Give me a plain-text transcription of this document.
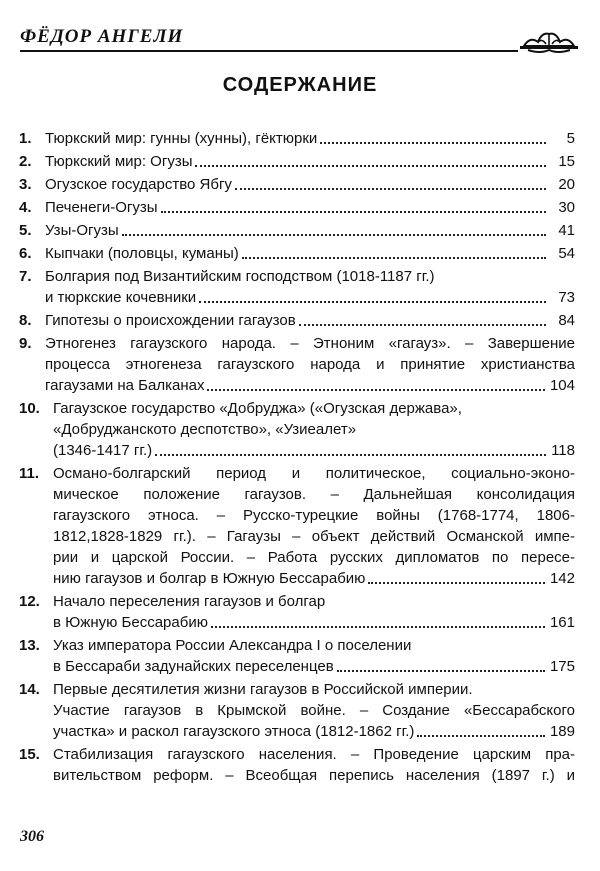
ФЁДОР АНГЕЛИ
СОДЕРЖАНИЕ
1. Тюркский мир: гунны (хунны), гёктюрки	5
2. Тюркский мир: Огузы	15
3. Огузское государство Ябгу	20
4. Печенеги-Огузы	30
5. Узы-Огузы	41
6. Кыпчаки (половцы, куманы)	54
7. Болгария под Византийским господством (1018-1187 гг.)
и тюркские кочевники	73
8. Гипотезы о происхождении гагаузов	84
9. Этногенез гагаузского народа. – Этноним «гагауз». – Завершение
процесса этногенеза гагаузского народа и принятие христианства
гагаузами на Балканах	104
10. Гагаузское государство «Добруджа» («Огузская держава»,
«Добруджанското деспотство», «Узиеалет»
(1346-1417 гг.)	118
11. Османо-болгарский период и политическое, социально-эконо-
мическое положение гагаузов. – Дальнейшая консолидация
гагаузского этноса. – Русско-турецкие войны (1768-1774, 1806-
1812,1828-1829 гг.). – Гагаузы – объект действий Османской импе-
рии и царской России. – Работа русских дипломатов по пересе-
нию гагаузов и болгар в Южную Бессарабию	142
12. Начало переселения гагаузов и болгар
в Южную Бессарабию	161
13. Указ императора России Александра I о поселении
в Бессараби задунайских переселенцев	175
14. Первые десятилетия жизни гагаузов в Российской империи.
Участие гагаузов в Крымской войне. – Создание «Бессарабского
участка» и раскол гагаузского этноса (1812-1862 гг.)	189
15. Стабилизация гагаузского населения. – Проведение царским пра-
вительством реформ. – Всеобщая перепись населения (1897 г.) и
306
